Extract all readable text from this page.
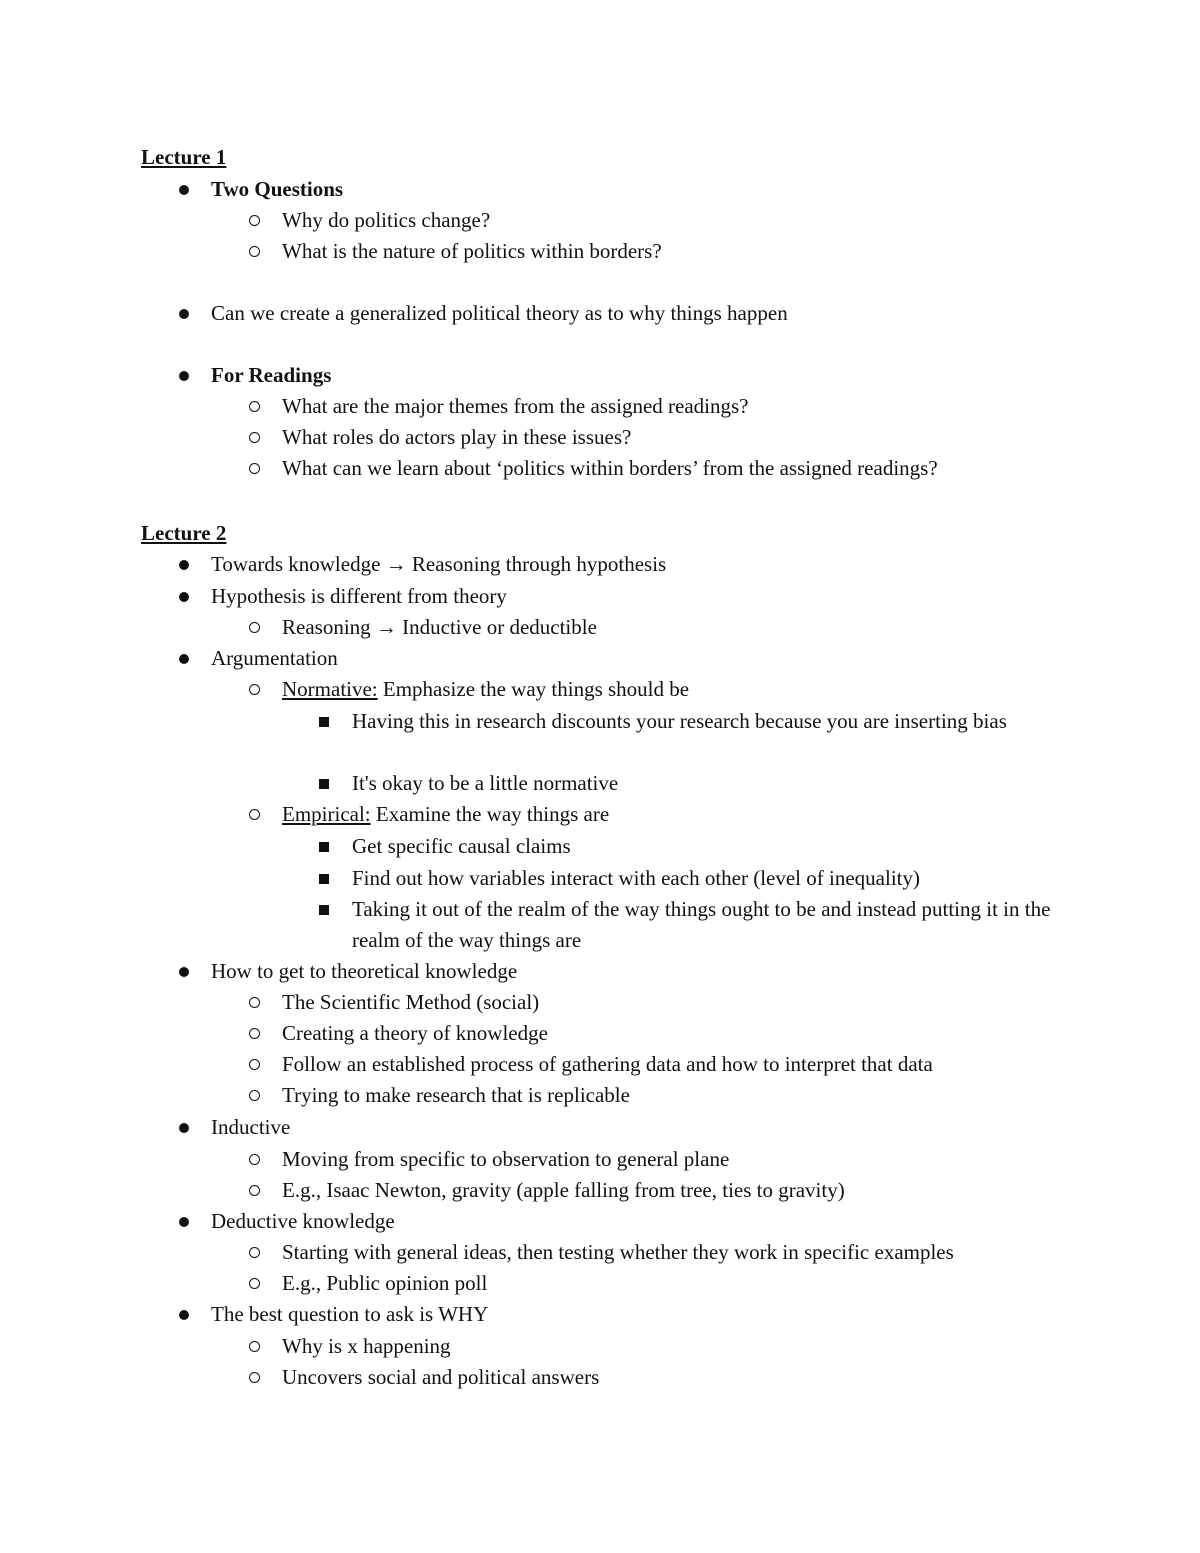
Lecture 1
Two Questions
Why do politics change?
What is the nature of politics within borders?
Can we create a generalized political theory as to why things happen
For Readings
What are the major themes from the assigned readings?
What roles do actors play in these issues?
What can we learn about ‘politics within borders’ from the assigned readings?
Lecture 2
Towards knowledge → Reasoning through hypothesis
Hypothesis is different from theory
Reasoning → Inductive or deductible
Argumentation
Normative: Emphasize the way things should be
Having this in research discounts your research because you are inserting bias
It's okay to be a little normative
Empirical: Examine the way things are
Get specific causal claims
Find out how variables interact with each other (level of inequality)
Taking it out of the realm of the way things ought to be and instead putting it in the realm of the way things are
How to get to theoretical knowledge
The Scientific Method (social)
Creating a theory of knowledge
Follow an established process of gathering data and how to interpret that data
Trying to make research that is replicable
Inductive
Moving from specific to observation to general plane
E.g., Isaac Newton, gravity (apple falling from tree, ties to gravity)
Deductive knowledge
Starting with general ideas, then testing whether they work in specific examples
E.g., Public opinion poll
The best question to ask is WHY
Why is x happening
Uncovers social and political answers
